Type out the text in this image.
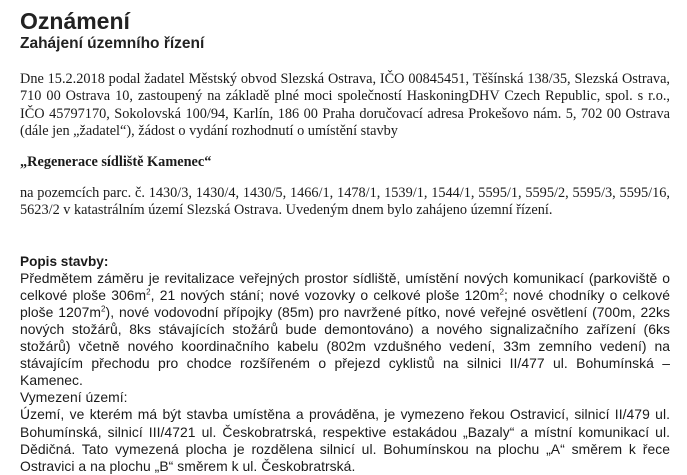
Oznámení
Zahájení územního řízení

Dne 15.2.2018 podal žadatel Městský obvod Slezská Ostrava, IČO 00845451, Těšínská 138/35, Slezská Ostrava, 710 00 Ostrava 10, zastoupený na základě plné moci společností HaskoningDHV Czech Republic, spol. s r.o., IČO 45797170, Sokolovská 100/94, Karlín, 186 00 Praha doručovací adresa Prokešovo nám. 5, 702 00 Ostrava (dále jen „žadatel“), žádost o vydání rozhodnutí o umístění stavby

„Regenerace sídliště Kamenec“

na pozemcích parc. č. 1430/3, 1430/4, 1430/5, 1466/1, 1478/1, 1539/1, 1544/1, 5595/1, 5595/2, 5595/3, 5595/16, 5623/2 v katastrálním území Slezská Ostrava. Uvedeným dnem bylo zahájeno územní řízení.

Popis stavby:

Předmětem záměru je revitalizace veřejných prostor sídliště, umístění nových komunikací (parkoviště o celkové ploše $306m^2$, 21 nových stání; nové vozovky o celkové ploše $120m^2$; nové chodníky o celkové ploše $1207m^2$), nové vodovodní přípojky (85m) pro navržené pítko, nové veřejné osvětlení (700m, 22ks nových stožárů, 8ks stávajících stožárů bude demontováno) a nového signalizačního zařízení (6ks stožárů) včetně nového koordinačního kabelu (802m vzdušného vedení, 33m zemního vedení) na stávajícím přechodu pro chodce rozšířeném o přejezd cyklistů na silnici II/477 ul. Bohumínská – Kamenec.

Vymezení území:

Území, ve kterém má být stavba umístěna a prováděna, je vymezeno řekou Ostravicí, silnicí II/479 ul. Bohumínská, silnicí III/4721 ul. Českobratrská, respektive estakádou „Bazaly“ a místní komunikací ul. Dědičná. Tato vymezená plocha je rozdělena silnicí ul. Bohumínskou na plochu „A“ směrem k řece Ostravici a na plochu „B“ směrem k ul. Českobratrská.
